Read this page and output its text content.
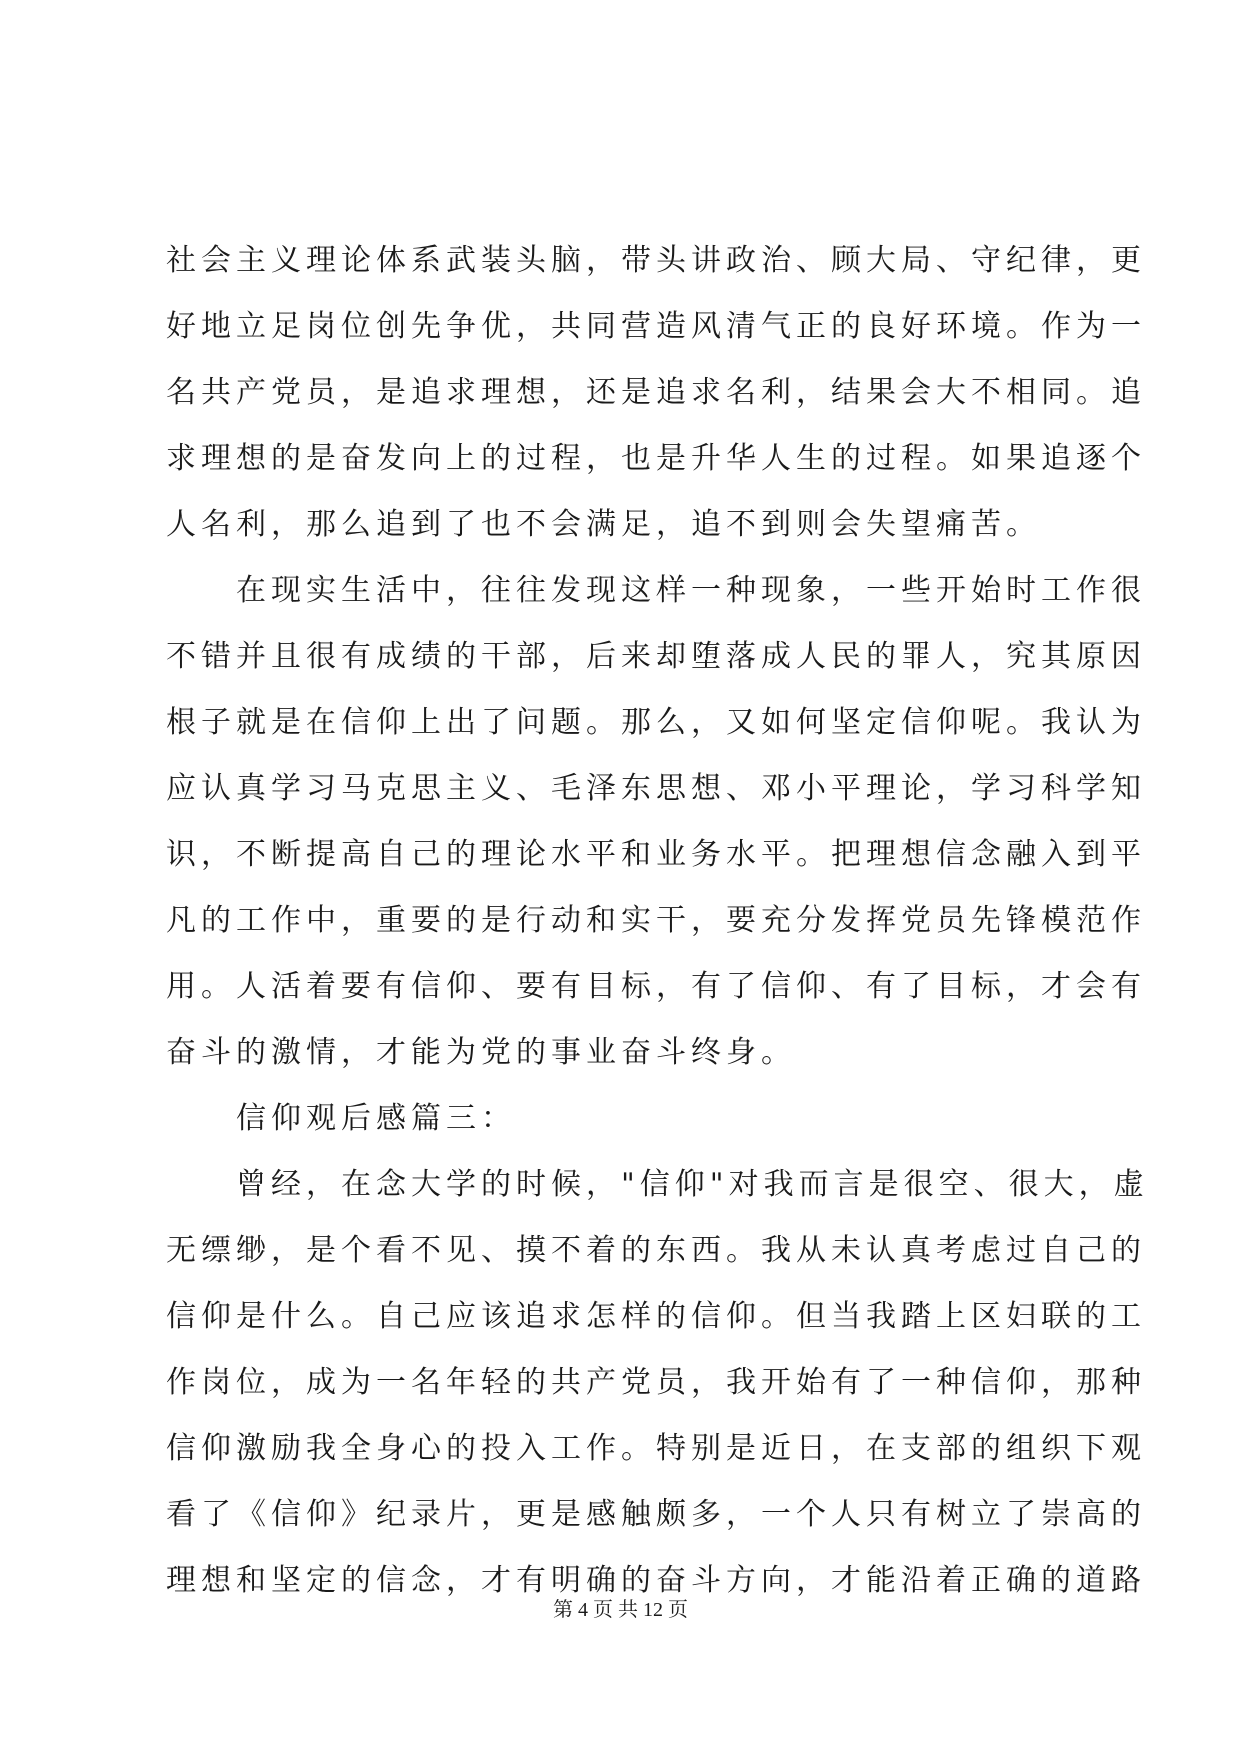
社会主义理论体系武装头脑，带头讲政治、顾大局、守纪律，更
好地立足岗位创先争优，共同营造风清气正的良好环境。作为一
名共产党员，是追求理想，还是追求名利，结果会大不相同。追
求理想的是奋发向上的过程，也是升华人生的过程。如果追逐个
人名利，那么追到了也不会满足，追不到则会失望痛苦。
　　在现实生活中，往往发现这样一种现象，一些开始时工作很
不错并且很有成绩的干部，后来却堕落成人民的罪人，究其原因
根子就是在信仰上出了问题。那么，又如何坚定信仰呢。我认为
应认真学习马克思主义、毛泽东思想、邓小平理论，学习科学知
识，不断提高自己的理论水平和业务水平。把理想信念融入到平
凡的工作中，重要的是行动和实干，要充分发挥党员先锋模范作
用。人活着要有信仰、要有目标，有了信仰、有了目标，才会有
奋斗的激情，才能为党的事业奋斗终身。
　　信仰观后感篇三：
　　曾经，在念大学的时候，"信仰"对我而言是很空、很大，虚
无缥缈，是个看不见、摸不着的东西。我从未认真考虑过自己的
信仰是什么。自己应该追求怎样的信仰。但当我踏上区妇联的工
作岗位，成为一名年轻的共产党员，我开始有了一种信仰，那种
信仰激励我全身心的投入工作。特别是近日，在支部的组织下观
看了《信仰》纪录片，更是感触颇多，一个人只有树立了崇高的
理想和坚定的信念，才有明确的奋斗方向，才能沿着正确的道路
第 4 页 共 12 页
